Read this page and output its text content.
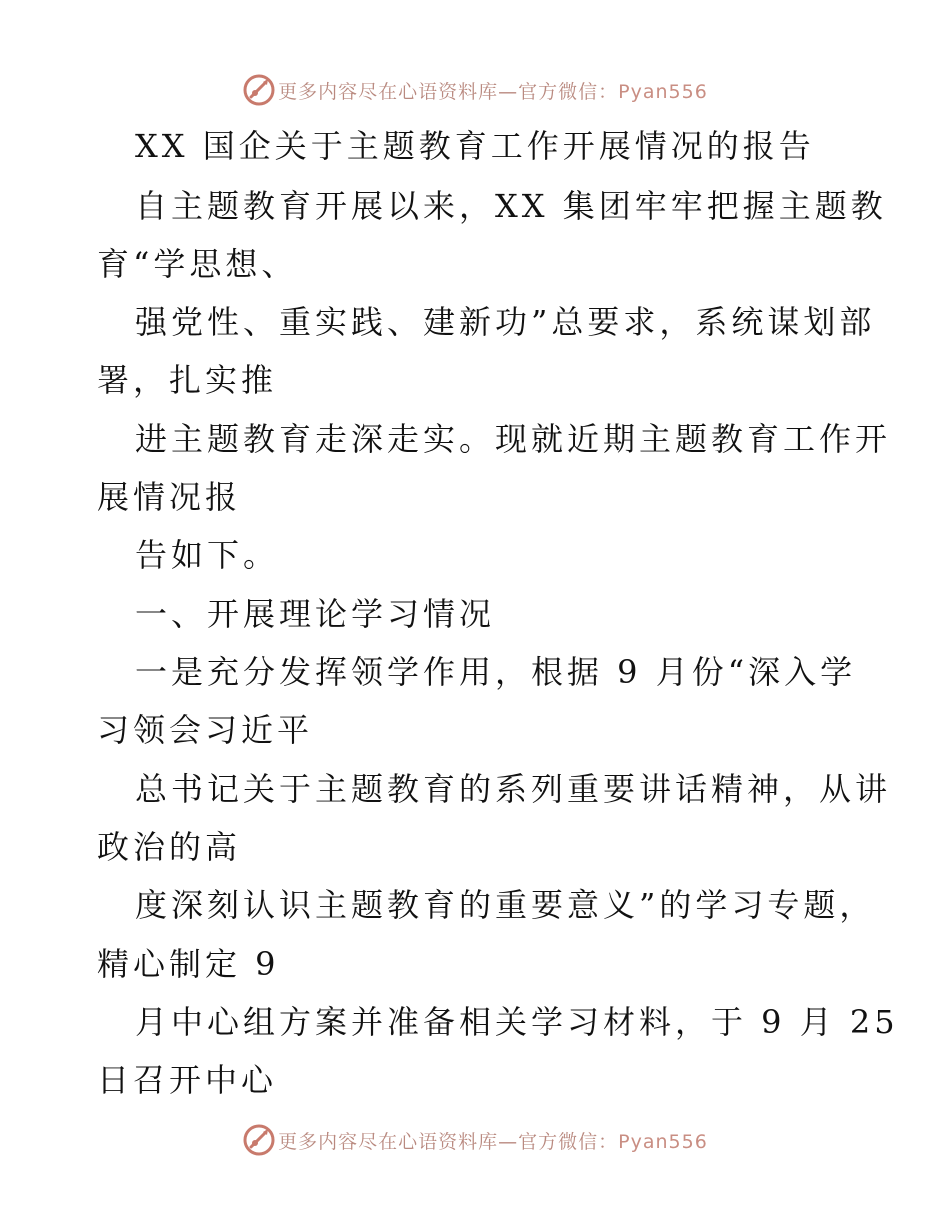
更多内容尽在心语资料库—官方微信：Pyan556
XX 国企关于主题教育工作开展情况的报告
自主题教育开展以来，XX 集团牢牢把握主题教
育“学思想、
强党性、重实践、建新功”总要求，系统谋划部
署，扎实推
进主题教育走深走实。现就近期主题教育工作开
展情况报
告如下。
一、开展理论学习情况
一是充分发挥领学作用，根据 9 月份“深入学
习领会习近平
总书记关于主题教育的系列重要讲话精神，从讲
政治的高
度深刻认识主题教育的重要意义”的学习专题，
精心制定 9
月中心组方案并准备相关学习材料，于 9 月 25
日召开中心
更多内容尽在心语资料库—官方微信：Pyan556
